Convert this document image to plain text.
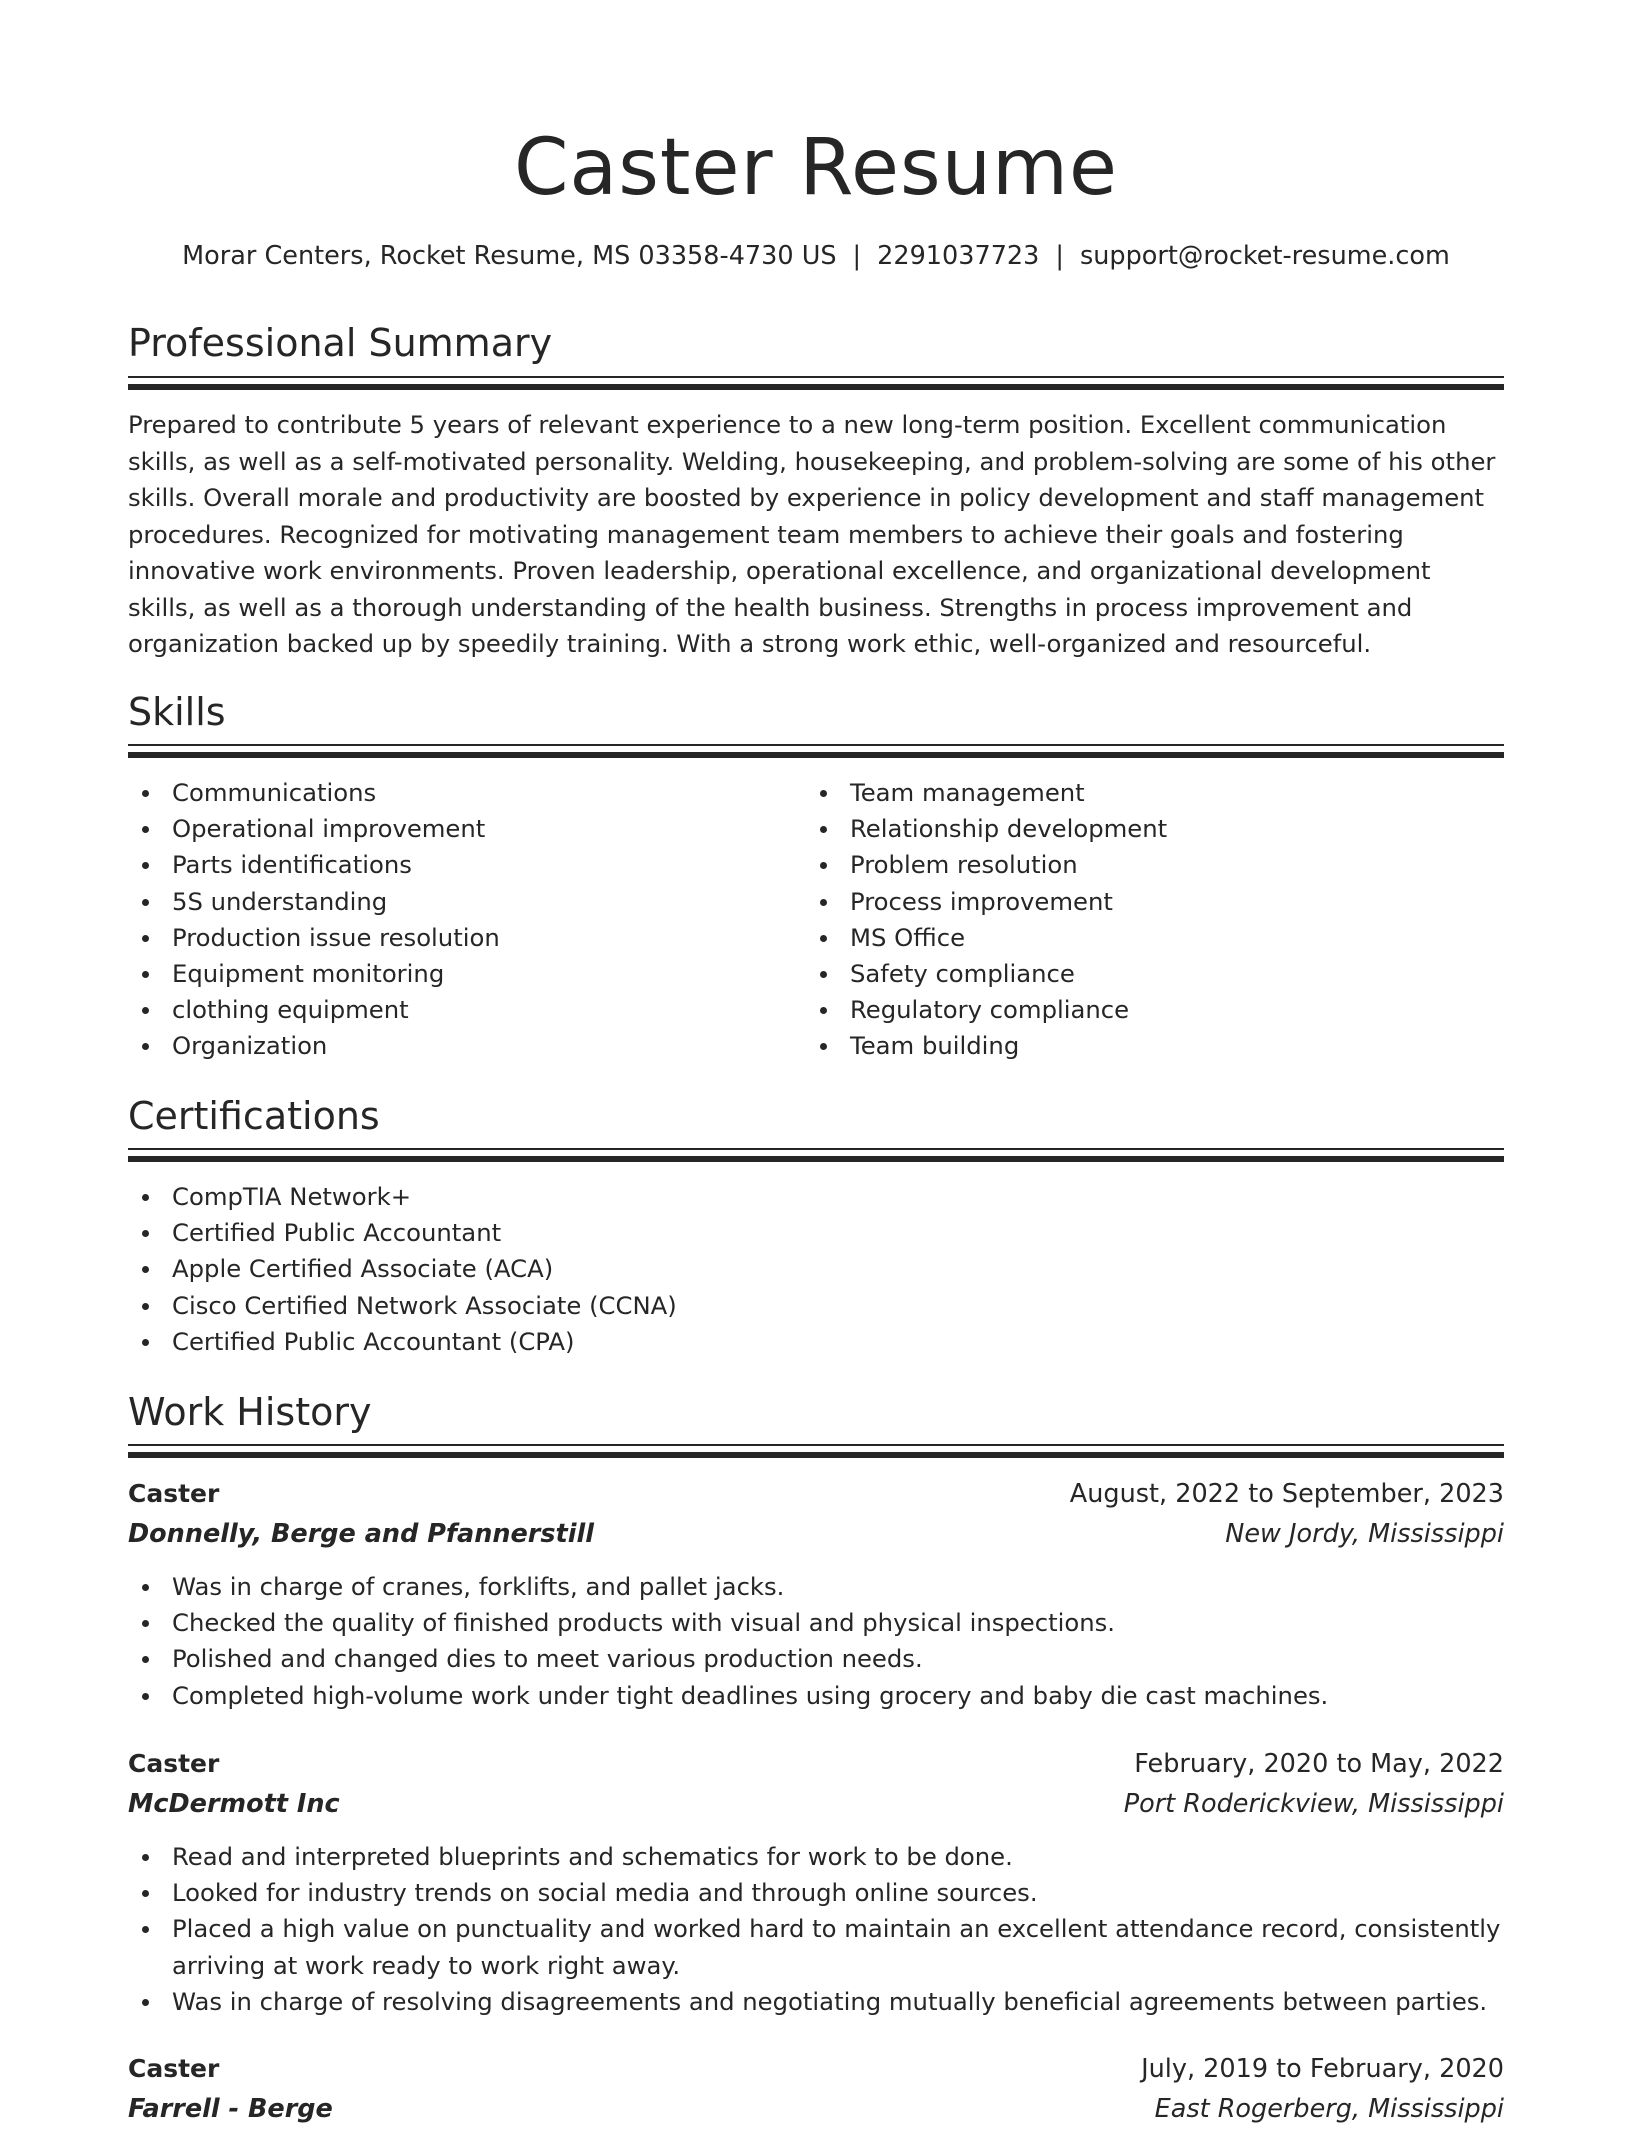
Caster Resume
Morar Centers, Rocket Resume, MS 03358-4730 US | 2291037723 | support@rocket-resume.com
Professional Summary

Prepared to contribute 5 years of relevant experience to a new long-term position. Excellent communication skills, as well as a self-motivated personality. Welding, housekeeping, and problem-solving are some of his other skills. Overall morale and productivity are boosted by experience in policy development and staff management procedures. Recognized for motivating management team members to achieve their goals and fostering innovative work environments. Proven leadership, operational excellence, and organizational development skills, as well as a thorough understanding of the health business. Strengths in process improvement and organization backed up by speedily training. With a strong work ethic, well-organized and resourceful.

Skills
Communications
Operational improvement
Parts identifications
5S understanding
Production issue resolution
Equipment monitoring
clothing equipment
Organization
Team management
Relationship development
Problem resolution
Process improvement
MS Office
Safety compliance
Regulatory compliance
Team building
Certifications
CompTIA Network+
Certified Public Accountant
Apple Certified Associate (ACA)
Cisco Certified Network Associate (CCNA)
Certified Public Accountant (CPA)
Work History
Caster	August, 2022 to September, 2023
Donnelly, Berge and Pfannerstill	New Jordy, Mississippi
Was in charge of cranes, forklifts, and pallet jacks.
Checked the quality of finished products with visual and physical inspections.
Polished and changed dies to meet various production needs.
Completed high-volume work under tight deadlines using grocery and baby die cast machines.
Caster	February, 2020 to May, 2022
McDermott Inc	Port Roderickview, Mississippi
Read and interpreted blueprints and schematics for work to be done.
Looked for industry trends on social media and through online sources.
Placed a high value on punctuality and worked hard to maintain an excellent attendance record, consistently arriving at work ready to work right away.
Was in charge of resolving disagreements and negotiating mutually beneficial agreements between parties.
Caster	July, 2019 to February, 2020
Farrell - Berge	East Rogerberg, Mississippi
